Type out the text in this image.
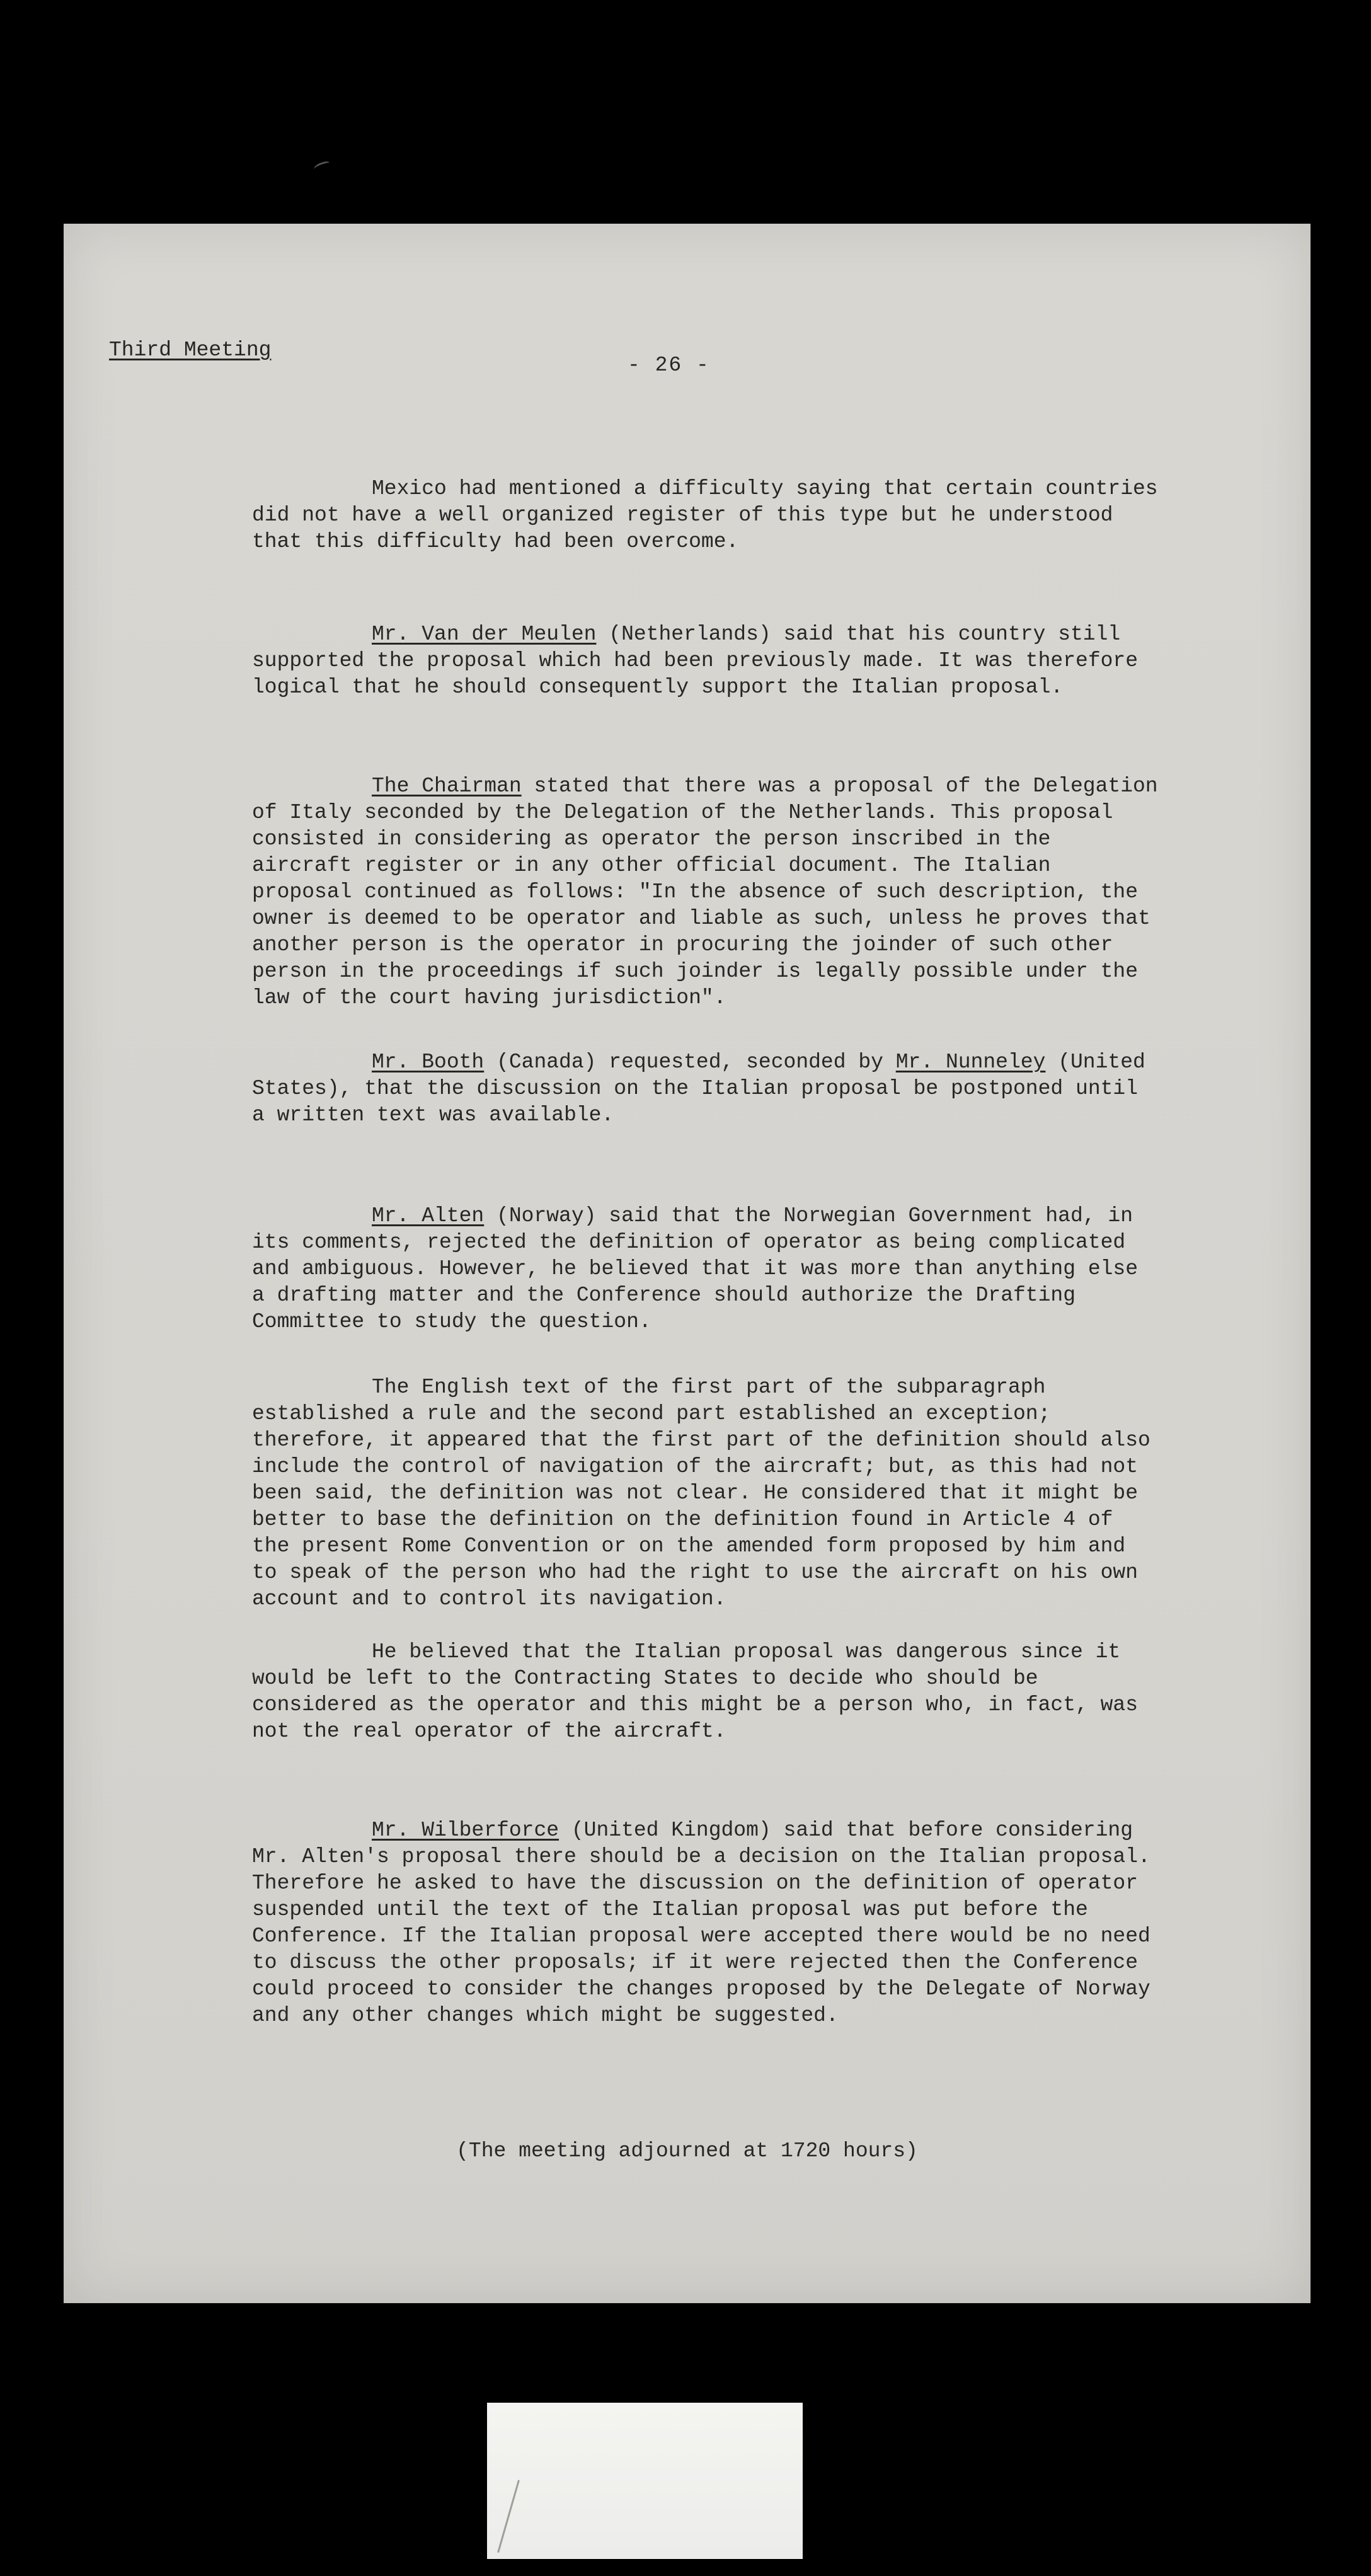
Third Meeting
- 26 -

Mexico had mentioned a difficulty saying that certain countries did not have a well organized register of this type but he understood that this difficulty had been overcome.

Mr. Van der Meulen (Netherlands) said that his country still supported the proposal which had been previously made. It was therefore logical that he should consequently support the Italian proposal.

The Chairman stated that there was a proposal of the Delegation of Italy seconded by the Delegation of the Netherlands. This proposal consisted in considering as operator the person inscribed in the aircraft register or in any other official document. The Italian proposal continued as follows: "In the absence of such description, the owner is deemed to be operator and liable as such, unless he proves that another person is the operator in procuring the joinder of such other person in the proceedings if such joinder is legally possible under the law of the court having jurisdiction".

Mr. Booth (Canada) requested, seconded by Mr. Nunneley (United States), that the discussion on the Italian proposal be postponed until a written text was available.

Mr. Alten (Norway) said that the Norwegian Government had, in its comments, rejected the definition of operator as being complicated and ambiguous. However, he believed that it was more than anything else a drafting matter and the Conference should authorize the Drafting Committee to study the question.

The English text of the first part of the subparagraph established a rule and the second part established an exception; therefore, it appeared that the first part of the definition should also include the control of navigation of the aircraft; but, as this had not been said, the definition was not clear. He considered that it might be better to base the definition on the definition found in Article 4 of the present Rome Convention or on the amended form proposed by him and to speak of the person who had the right to use the aircraft on his own account and to control its navigation.

He believed that the Italian proposal was dangerous since it would be left to the Contracting States to decide who should be considered as the operator and this might be a person who, in fact, was not the real operator of the aircraft.

Mr. Wilberforce (United Kingdom) said that before considering Mr. Alten's proposal there should be a decision on the Italian proposal. Therefore he asked to have the discussion on the definition of operator suspended until the text of the Italian proposal was put before the Conference. If the Italian proposal were accepted there would be no need to discuss the other proposals; if it were rejected then the Conference could proceed to consider the changes proposed by the Delegate of Norway and any other changes which might be suggested.

(The meeting adjourned at 1720 hours)
